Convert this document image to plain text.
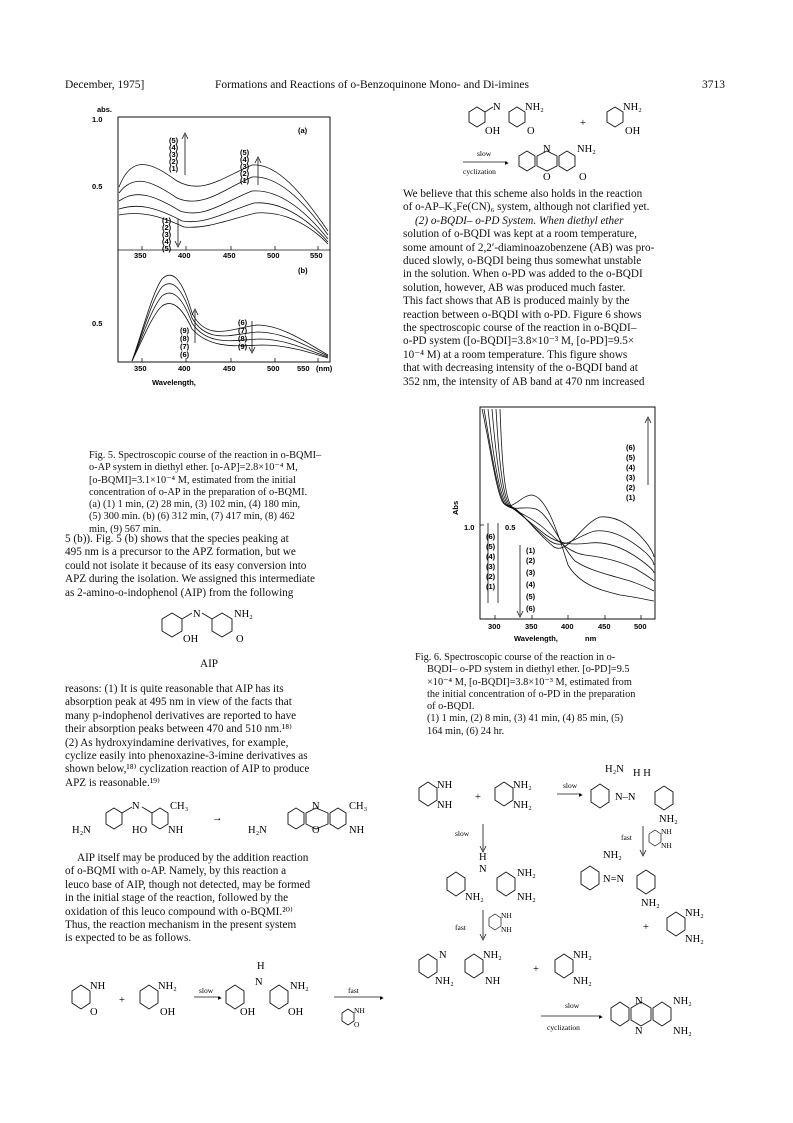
December, 1975]	Formations and Reactions of o-Benzoquinone Mono- and Di-imines	3713
abs.
1.0
0.5
0.5
(a)
(b)
350	400	450	500	550
350	400	450	500 550 (nm)
Wavelength,
(5)
(4)
(3)
(2)
(1)
(5)
(4)
(3)
(2)
(1)
(1)
(2)
(3)
(4)
(5)
(9)
(8)
(7)
(6)
(6)
(7)
(8)
(9)

Fig. 5. Spectroscopic course of the reaction in o-BQMI–

o-AP system in diethyl ether. [o-AP]=2.8×10⁻⁴ M,

[o-BQMI]=3.1×10⁻⁴ M, estimated from the initial

concentration of o-AP in the preparation of o-BQMI.

(a) (1) 1 min, (2) 28 min, (3) 102 min, (4) 180 min,

(5) 300 min. (b) (6) 312 min, (7) 417 min, (8) 462

min, (9) 567 min.

5 (b)). Fig. 5 (b) shows that the species peaking at

495 nm is a precursor to the APZ formation, but we

could not isolate it because of its easy conversion into

APZ during the isolation. We assigned this intermediate

as 2-amino-o-indophenol (AIP) from the following

N	NH₂
OH	O
AIP

reasons: (1) It is quite reasonable that AIP has its

absorption peak at 495 nm in view of the facts that

many p-indophenol derivatives are reported to have

their absorption peaks between 470 and 510 nm.¹⁸⁾

(2) As hydroxyindamine derivatives, for example,

cyclize easily into phenoxazine-3-imine derivatives as

shown below,¹⁸⁾ cyclization reaction of AIP to produce

APZ is reasonable.¹⁹⁾

N	CH₃
H₂N	HO NH
→
N	CH₃
H₂N	O	NH

AIP itself may be produced by the addition reaction

of o-BQMI with o-AP. Namely, by this reaction a

leuco base of AIP, though not detected, may be formed

in the initial stage of the reaction, followed by the

oxidation of this leuco compound with o-BQMI.²⁰⁾

Thus, the reaction mechanism in the present system

is expected to be as follows.

NH
O
+
NH₂
OH
slow
▸
H
N	NH₂
OH	OH
fast
▸
NH
O
N NH₂
OH	O
+
NH₂
OH
slow
▸
cyclization
N
O
NH₂
O

We believe that this scheme also holds in the reaction

of o-AP–K₃Fe(CN)₆ system, although not clarified yet.

(2) o-BQDI– o-PD System. When diethyl ether

solution of o-BQDI was kept at a room temperature,

some amount of 2,2′-diaminoazobenzene (AB) was pro-

duced slowly, o-BQDI being thus somewhat unstable

in the solution. When o-PD was added to the o-BQDI

solution, however, AB was produced much faster.

This fact shows that AB is produced mainly by the

reaction between o-BQDI with o-PD. Figure 6 shows

the spectroscopic course of the reaction in o-BQDI–

o-PD system ([o-BQDI]=3.8×10⁻³ M, [o-PD]=9.5×

10⁻⁴ M) at a room temperature. This figure shows

that with decreasing intensity of the o-BQDI band at

352 nm, the intensity of AB band at 470 nm increased

Abs
1.0	0.5
300	350	400	450	500
Wavelength,	nm
(6)
(5)
(4)
(3)
(2)
(1)
(6)
(5)
(4)
(3)
(2)
(1)
(1)
(2)
(3)
(4)
(5)
(6)

Fig. 6. Spectroscopic course of the reaction in o-

BQDI– o-PD system in diethyl ether. [o-PD]=9.5

×10⁻⁴ M, [o-BQDI]=3.8×10⁻³ M, estimated from

the initial concentration of o-PD in the preparation

of o-BQDI.

(1) 1 min, (2) 8 min, (3) 41 min, (4) 85 min, (5)

164 min, (6) 24 hr.

NH
NH
+
NH₂
NH₂
slow
▸
H₂N H H
N–N
NH₂
slow	fast
NH
NH
H
N	NH₂
NH₂	NH₂
NH₂
N=N
NH₂
+
NH₂
NH₂
fast
NH
NH
N	NH₂
NH₂	NH
+
NH₂
NH₂
slow
▸
cyclization
N
N
NH₂
NH₂
